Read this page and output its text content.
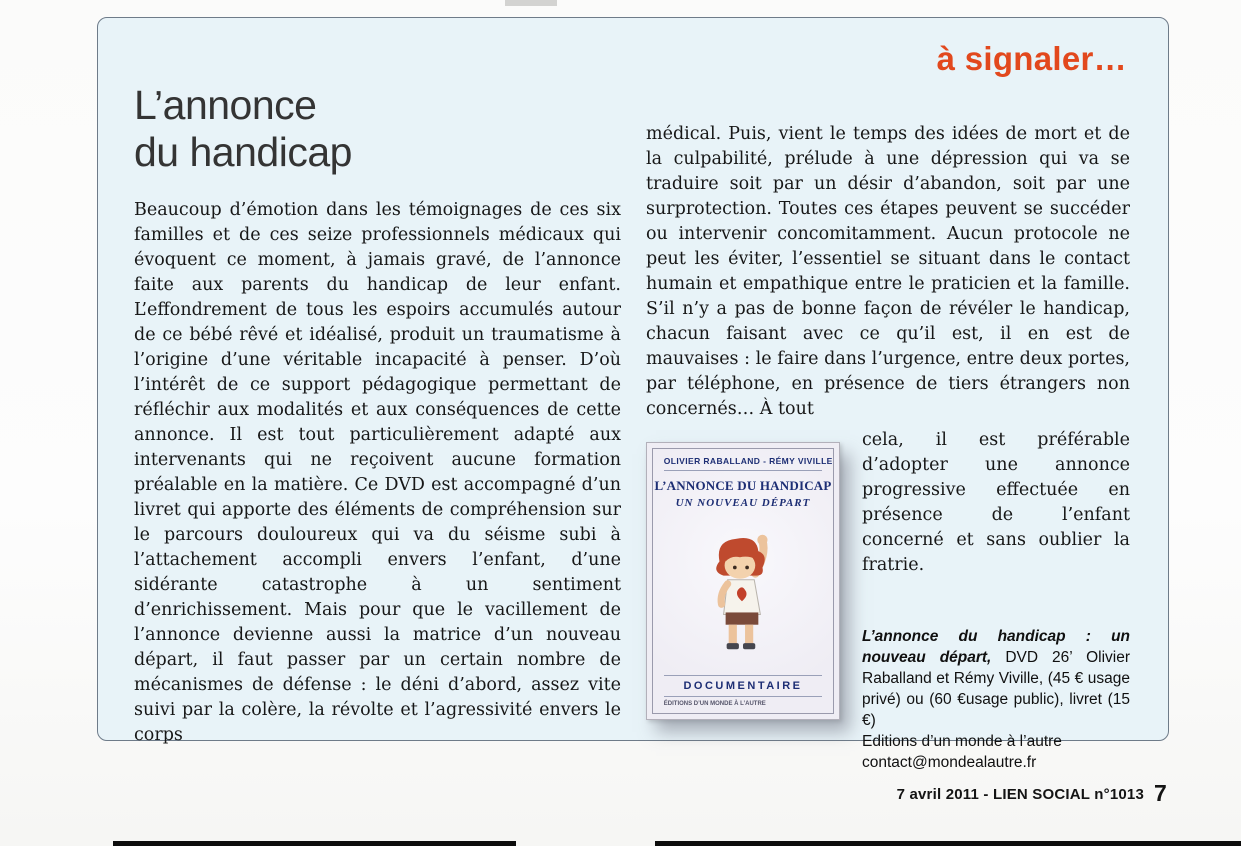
à signaler…
L’annonce
du handicap

Beaucoup d’émotion dans les témoignages de ces six familles et de ces seize professionnels médicaux qui évoquent ce moment, à jamais gravé, de l’annonce faite aux parents du handicap de leur enfant. L’effondrement de tous les espoirs accumulés autour de ce bébé rêvé et idéalisé, produit un traumatisme à l’origine d’une véritable incapacité à penser. D’où l’intérêt de ce support pédagogique permettant de réfléchir aux modalités et aux conséquences de cette annonce. Il est tout particulièrement adapté aux intervenants qui ne reçoivent aucune formation préalable en la matière. Ce DVD est accompagné d’un livret qui apporte des éléments de compréhension sur le parcours douloureux qui va du séisme subi à l’attachement accompli envers l’enfant, d’une sidérante catastrophe à un sentiment d’enrichissement. Mais pour que le vacillement de l’annonce devienne aussi la matrice d’un nouveau départ, il faut passer par un certain nombre de mécanismes de défense : le déni d’abord, assez vite suivi par la colère, la révolte et l’agressivité envers le corps

médical. Puis, vient le temps des idées de mort et de la culpabilité, prélude à une dépression qui va se traduire soit par un désir d’abandon, soit par une surprotection. Toutes ces étapes peuvent se succéder ou intervenir concomitamment. Aucun protocole ne peut les éviter, l’essentiel se situant dans le contact humain et empathique entre le praticien et la famille. S’il n’y a pas de bonne façon de révéler le handicap, chacun faisant avec ce qu’il est, il en est de mauvaises : le faire dans l’urgence, entre deux portes, par téléphone, en présence de tiers étrangers non concernés… À tout

OLIVIER RABALLAND - RÉMY VIVILLE
L’ANNONCE DU HANDICAP
UN NOUVEAU DÉPART
DOCUMENTAIRE
ÉDITIONS D’UN MONDE À L’AUTRE

cela, il est préférable d’adopter une annonce progressive effectuée en présence de l’enfant concerné et sans oublier la fratrie.

L’annonce du handicap : un nouveau départ, DVD 26’ Olivier Raballand et Rémy Viville, (45 € usage privé) ou (60 €usage public), livret (15 €)

Editions d’un monde à l’autre

contact@mondealautre.fr

7 avril 2011 - LIEN SOCIAL n°1013 7
